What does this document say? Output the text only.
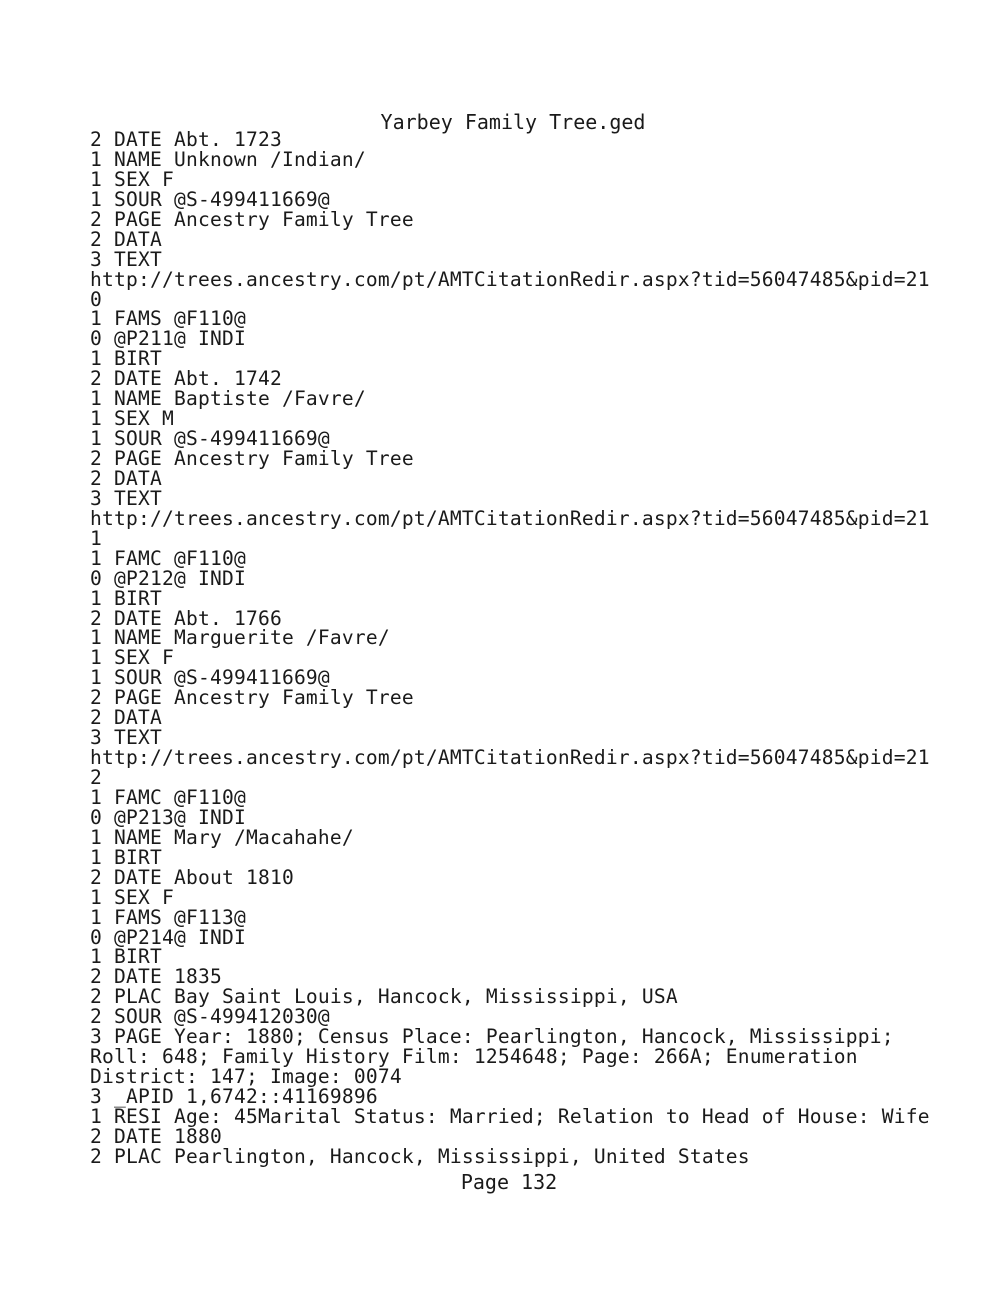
Yarbey Family Tree.ged
2 DATE Abt. 1723
1 NAME Unknown /Indian/
1 SEX F
1 SOUR @S-499411669@
2 PAGE Ancestry Family Tree
2 DATA
3 TEXT
http://trees.ancestry.com/pt/AMTCitationRedir.aspx?tid=56047485&pid=21
0
1 FAMS @F110@
0 @P211@ INDI
1 BIRT
2 DATE Abt. 1742
1 NAME Baptiste /Favre/
1 SEX M
1 SOUR @S-499411669@
2 PAGE Ancestry Family Tree
2 DATA
3 TEXT
http://trees.ancestry.com/pt/AMTCitationRedir.aspx?tid=56047485&pid=21
1
1 FAMC @F110@
0 @P212@ INDI
1 BIRT
2 DATE Abt. 1766
1 NAME Marguerite /Favre/
1 SEX F
1 SOUR @S-499411669@
2 PAGE Ancestry Family Tree
2 DATA
3 TEXT
http://trees.ancestry.com/pt/AMTCitationRedir.aspx?tid=56047485&pid=21
2
1 FAMC @F110@
0 @P213@ INDI
1 NAME Mary /Macahahe/
1 BIRT
2 DATE About 1810
1 SEX F
1 FAMS @F113@
0 @P214@ INDI
1 BIRT
2 DATE 1835
2 PLAC Bay Saint Louis, Hancock, Mississippi, USA
2 SOUR @S-499412030@
3 PAGE Year: 1880; Census Place: Pearlington, Hancock, Mississippi;
Roll: 648; Family History Film: 1254648; Page: 266A; Enumeration
District: 147; Image: 0074
3 _APID 1,6742::41169896
1 RESI Age: 45Marital Status: Married; Relation to Head of House: Wife
2 DATE 1880
2 PLAC Pearlington, Hancock, Mississippi, United States
Page 132
